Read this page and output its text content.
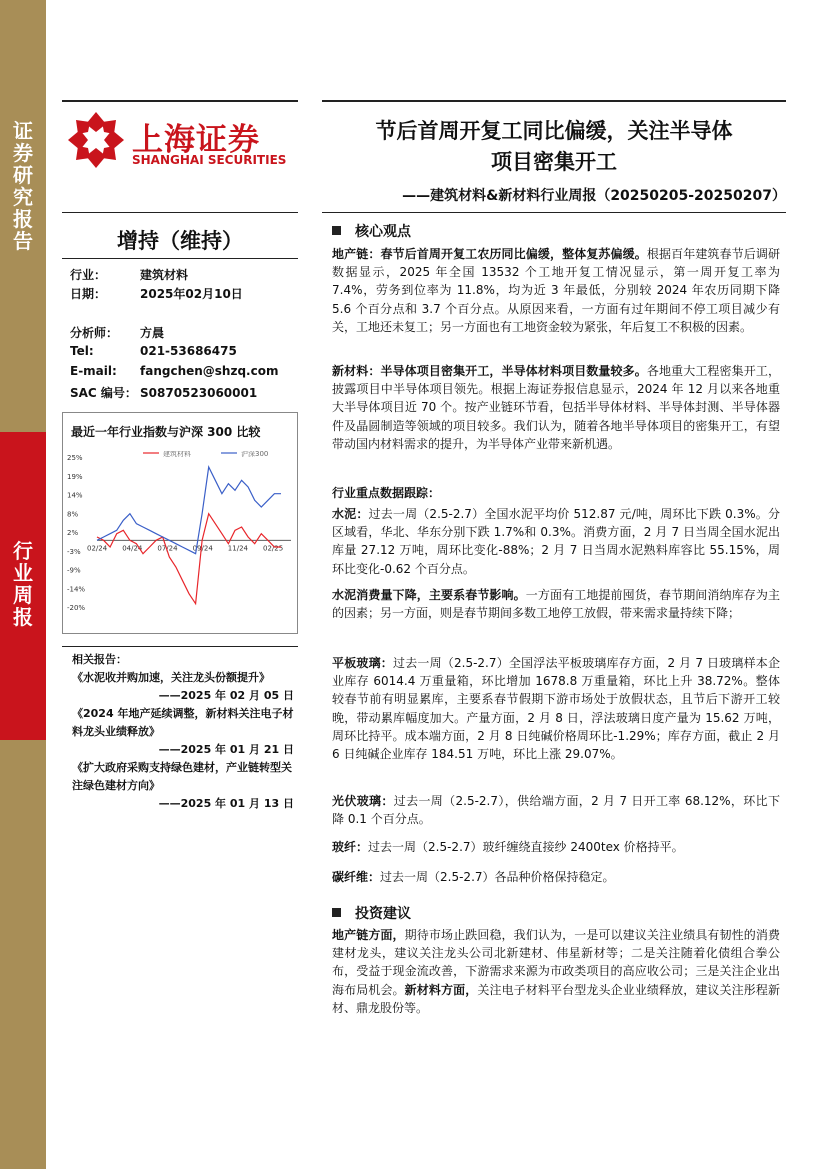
证券研究报告
行业周报
上海证券
SHANGHAI SECURITIES
节后首周开复工同比偏缓，关注半导体
项目密集开工
——建筑材料&新材料行业周报（20250205-20250207）
增持（维持）
行业：	建筑材料
日期：	2025年02月10日
分析师： 方晨
Tel:	021-53686475
E-mail: fangchen@shzq.com
SAC 编号： S0870523060001
最近一年行业指数与沪深 300 比较
25%
19%
14%
8%
2%
-3%
-9%
-14%
-20%
02/24 04/24 07/24 09/24 11/24 02/25
建筑材料	沪深300
相关报告：
《水泥收并购加速，关注龙头份额提升》
——2025 年 02 月 05 日
《2024 年地产延续调整，新材料关注电子材料龙头业绩释放》
——2025 年 01 月 21 日
《扩大政府采购支持绿色建材，产业链转型关注绿色建材方向》
——2025 年 01 月 13 日
核心观点

地产链：春节后首周开复工农历同比偏缓，整体复苏偏缓。根据百年建筑春节后调研数据显示，2025 年全国 13532 个工地开复工情况显示，第一周开复工率为 7.4%，劳务到位率为 11.8%，均为近 3 年最低，分别较 2024 年农历同期下降 5.6 个百分点和 3.7 个百分点。从原因来看，一方面有过年期间不停工项目减少有关，工地还未复工；另一方面也有工地资金较为紧张，年后复工不积极的因素。

新材料：半导体项目密集开工，半导体材料项目数量较多。各地重大工程密集开工，披露项目中半导体项目领先。根据上海证券报信息显示，2024 年 12 月以来各地重大半导体项目近 70 个。按产业链环节看，包括半导体材料、半导体封测、半导体器件及晶圆制造等领域的项目较多。我们认为，随着各地半导体项目的密集开工，有望带动国内材料需求的提升，为半导体产业带来新机遇。

行业重点数据跟踪：

水泥：过去一周（2.5-2.7）全国水泥平均价 512.87 元/吨，周环比下跌 0.3%。分区域看，华北、华东分别下跌 1.7%和 0.3%。消费方面，2 月 7 日当周全国水泥出库量 27.12 万吨，周环比变化-88%；2 月 7 日当周水泥熟料库容比 55.15%，周环比变化-0.62 个百分点。

水泥消费量下降，主要系春节影响。一方面有工地提前囤货，春节期间消纳库存为主的因素；另一方面，则是春节期间多数工地停工放假，带来需求量持续下降；

平板玻璃：过去一周（2.5-2.7）全国浮法平板玻璃库存方面，2 月 7 日玻璃样本企业库存 6014.4 万重量箱，环比增加 1678.8 万重量箱，环比上升 38.72%。整体较春节前有明显累库，主要系春节假期下游市场处于放假状态，且节后下游开工较晚，带动累库幅度加大。产量方面，2 月 8 日，浮法玻璃日度产量为 15.62 万吨，周环比持平。成本端方面，2 月 8 日纯碱价格周环比-1.29%；库存方面，截止 2 月 6 日纯碱企业库存 184.51 万吨，环比上涨 29.07%。

光伏玻璃：过去一周（2.5-2.7），供给端方面，2 月 7 日开工率 68.12%，环比下降 0.1 个百分点。

玻纤：过去一周（2.5-2.7）玻纤缠绕直接纱 2400tex 价格持平。

碳纤维：过去一周（2.5-2.7）各品种价格保持稳定。

投资建议

地产链方面，期待市场止跌回稳，我们认为，一是可以建议关注业绩具有韧性的消费建材龙头，建议关注龙头公司北新建材、伟星新材等；二是关注随着化债组合拳公布，受益于现金流改善，下游需求来源为市政类项目的高应收公司；三是关注企业出海布局机会。新材料方面，关注电子材料平台型龙头企业业绩释放，建议关注彤程新材、鼎龙股份等。
